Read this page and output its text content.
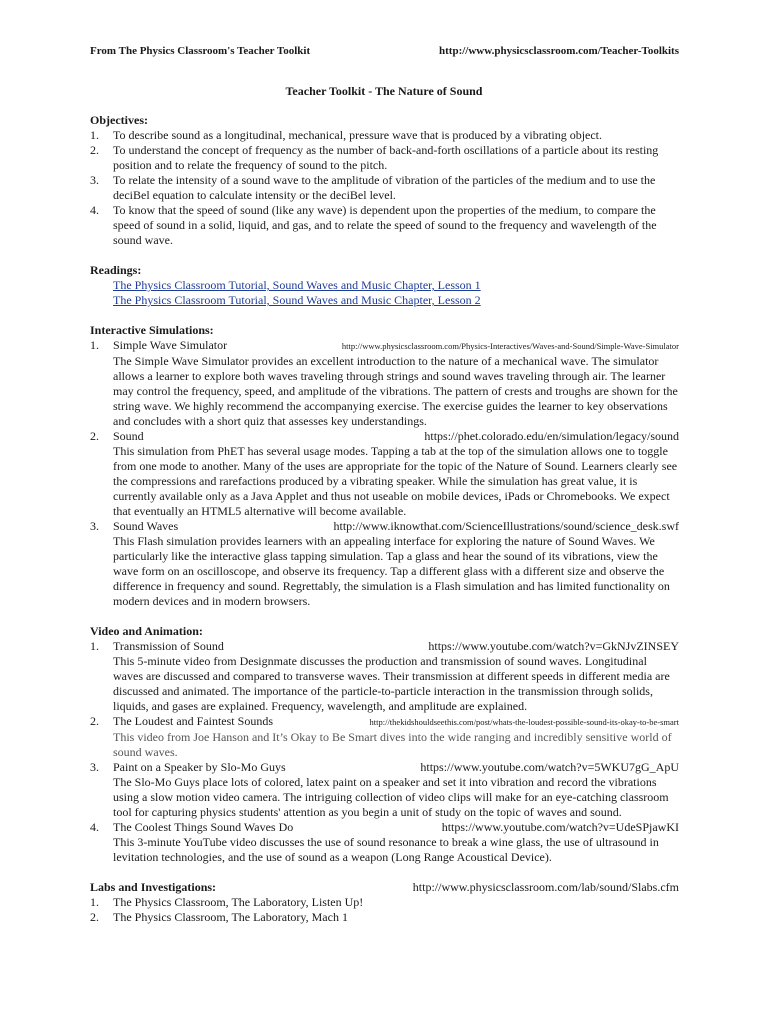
From The Physics Classroom's Teacher Toolkit	http://www.physicsclassroom.com/Teacher-Toolkits
Teacher Toolkit - The Nature of Sound

Objectives:

1. To describe sound as a longitudinal, mechanical, pressure wave that is produced by a vibrating object.
2. To understand the concept of frequency as the number of back-and-forth oscillations of a particle about its resting position and to relate the frequency of sound to the pitch.
3. To relate the intensity of a sound wave to the amplitude of vibration of the particles of the medium and to use the deciBel equation to calculate intensity or the deciBel level.
4. To know that the speed of sound (like any wave) is dependent upon the properties of the medium, to compare the speed of sound in a solid, liquid, and gas, and to relate the speed of sound to the frequency and wavelength of the sound wave.

Readings:

The Physics Classroom Tutorial, Sound Waves and Music Chapter, Lesson 1
The Physics Classroom Tutorial, Sound Waves and Music Chapter, Lesson 2

Interactive Simulations:

1. Simple Wave Simulator	http://www.physicsclassroom.com/Physics-Interactives/Waves-and-Sound/Simple-Wave-Simulator
The Simple Wave Simulator provides an excellent introduction to the nature of a mechanical wave. The simulator allows a learner to explore both waves traveling through strings and sound waves traveling through air. The learner may control the frequency, speed, and amplitude of the vibrations. The pattern of crests and troughs are shown for the string wave. We highly recommend the accompanying exercise. The exercise guides the learner to key observations and concludes with a short quiz that assesses key understandings.
2. Sound	https://phet.colorado.edu/en/simulation/legacy/sound
This simulation from PhET has several usage modes. Tapping a tab at the top of the simulation allows one to toggle from one mode to another. Many of the uses are appropriate for the topic of the Nature of Sound. Learners clearly see the compressions and rarefactions produced by a vibrating speaker. While the simulation has great value, it is currently available only as a Java Applet and thus not useable on mobile devices, iPads or Chromebooks. We expect that eventually an HTML5 alternative will become available.
3. Sound Waves	http://www.iknowthat.com/ScienceIllustrations/sound/science_desk.swf
This Flash simulation provides learners with an appealing interface for exploring the nature of Sound Waves. We particularly like the interactive glass tapping simulation. Tap a glass and hear the sound of its vibrations, view the wave form on an oscilloscope, and observe its frequency. Tap a different glass with a different size and observe the difference in frequency and sound. Regrettably, the simulation is a Flash simulation and has limited functionality on modern devices and in modern browsers.

Video and Animation:

1. Transmission of Sound	https://www.youtube.com/watch?v=GkNJvZINSEY
This 5-minute video from Designmate discusses the production and transmission of sound waves. Longitudinal waves are discussed and compared to transverse waves. Their transmission at different speeds in different media are discussed and animated. The importance of the particle-to-particle interaction in the transmission through solids, liquids, and gases are explained. Frequency, wavelength, and amplitude are explained.
2. The Loudest and Faintest Sounds	http://thekidshouldseethis.com/post/whats-the-loudest-possible-sound-its-okay-to-be-smart
This video from Joe Hanson and It’s Okay to Be Smart dives into the wide ranging and incredibly sensitive world of sound waves.
3. Paint on a Speaker by Slo-Mo Guys	https://www.youtube.com/watch?v=5WKU7gG_ApU
The Slo-Mo Guys place lots of colored, latex paint on a speaker and set it into vibration and record the vibrations using a slow motion video camera. The intriguing collection of video clips will make for an eye-catching classroom tool for capturing physics students' attention as you begin a unit of study on the topic of waves and sound.
4. The Coolest Things Sound Waves Do	https://www.youtube.com/watch?v=UdeSPjawKI
This 3-minute YouTube video discusses the use of sound resonance to break a wine glass, the use of ultrasound in levitation technologies, and the use of sound as a weapon (Long Range Acoustical Device).
Labs and Investigations:	http://www.physicsclassroom.com/lab/sound/Slabs.cfm
1. The Physics Classroom, The Laboratory, Listen Up!
2. The Physics Classroom, The Laboratory, Mach 1
